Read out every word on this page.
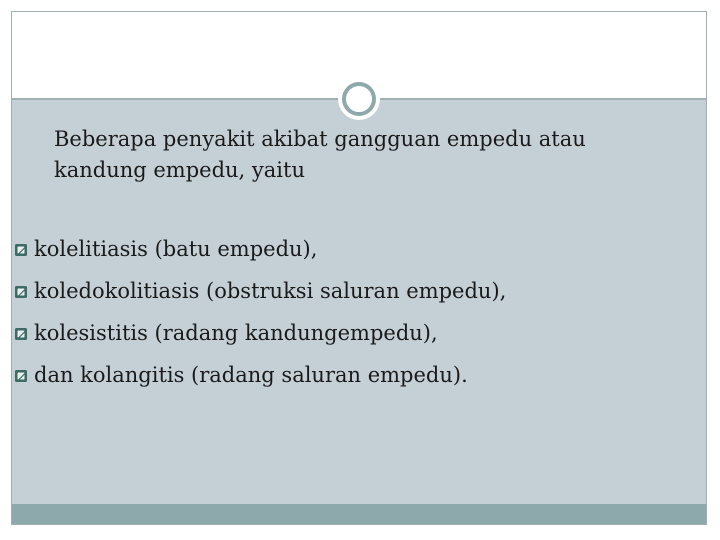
Beberapa penyakit akibat gangguan empedu atau
kandung empedu, yaitu

kolelitiasis (batu empedu),
koledokolitiasis (obstruksi saluran empedu),
kolesistitis (radang kandungempedu),
dan kolangitis (radang saluran empedu).
